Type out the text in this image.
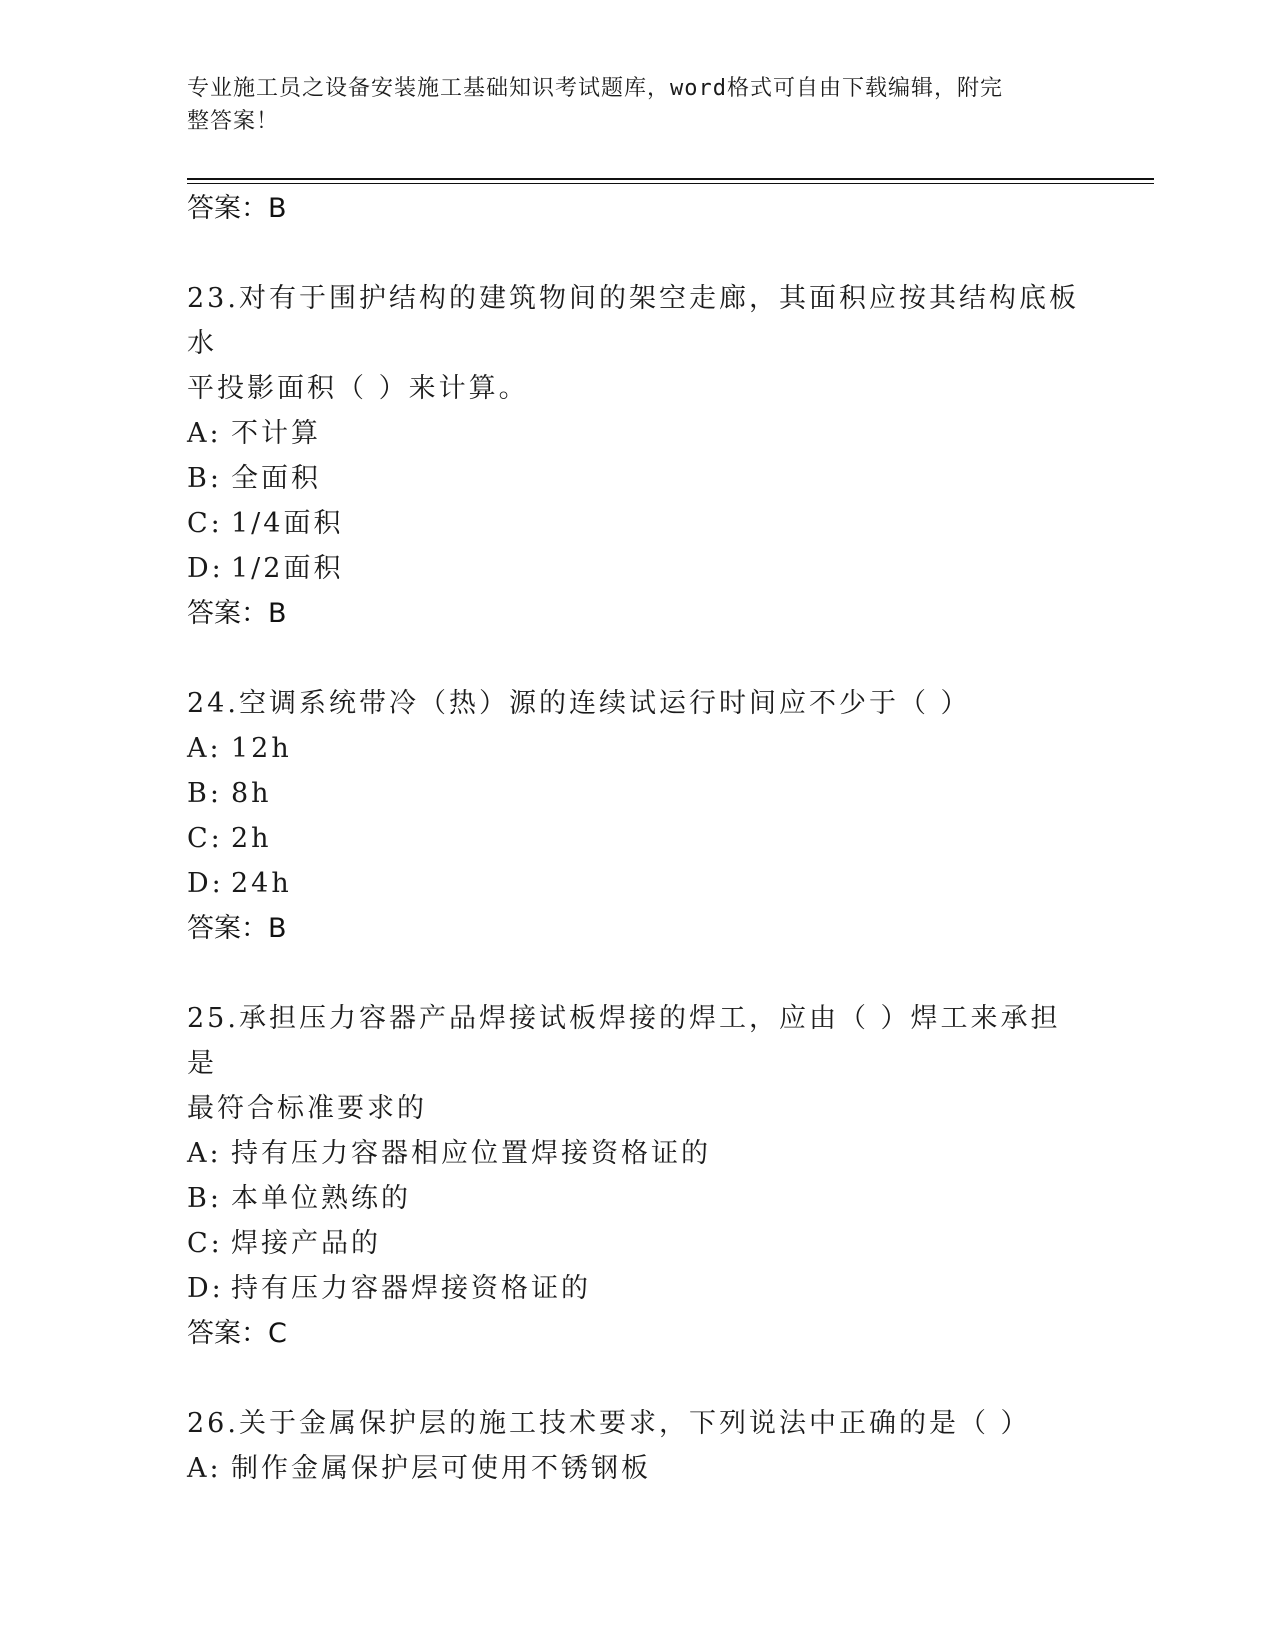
专业施工员之设备安装施工基础知识考试题库，word格式可自由下载编辑，附完
整答案！
答案：B
23.对有于围护结构的建筑物间的架空走廊，其面积应按其结构底板水
平投影面积（ ）来计算。
A: 不计算
B: 全面积
C: 1/4面积
D: 1/2面积
答案：B
24.空调系统带冷（热）源的连续试运行时间应不少于（ ）
A: 12h
B: 8h
C: 2h
D: 24h
答案：B
25.承担压力容器产品焊接试板焊接的焊工，应由（ ）焊工来承担是
最符合标准要求的
A: 持有压力容器相应位置焊接资格证的
B: 本单位熟练的
C: 焊接产品的
D: 持有压力容器焊接资格证的
答案：C
26.关于金属保护层的施工技术要求，下列说法中正确的是（ ）
A: 制作金属保护层可使用不锈钢板
